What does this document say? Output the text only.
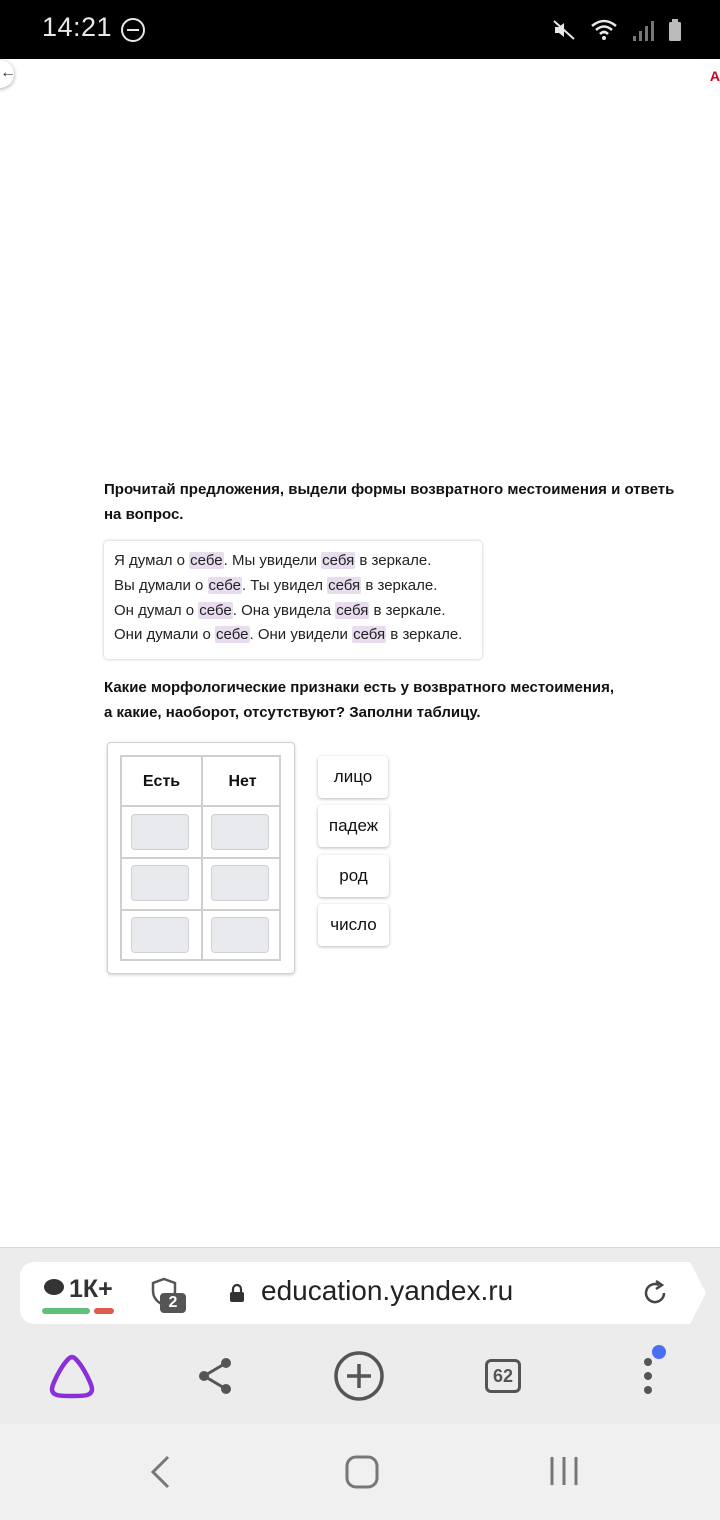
14:21
←	А
Прочитай предложения, выдели формы возвратного местоимения и ответь на вопрос.
Я думал о себе. Мы увидели себя в зеркале.
Вы думали о себе. Ты увидел себя в зеркале.
Он думал о себе. Она увидела себя в зеркале.
Они думали о себе. Они увидели себя в зеркале.
Какие морфологические признаки есть у возвратного местоимения,
а какие, наоборот, отсутствуют? Заполни таблицу.
Есть	Нет	лицо
падеж
род
число
1К+	2	education.yandex.ru
62
